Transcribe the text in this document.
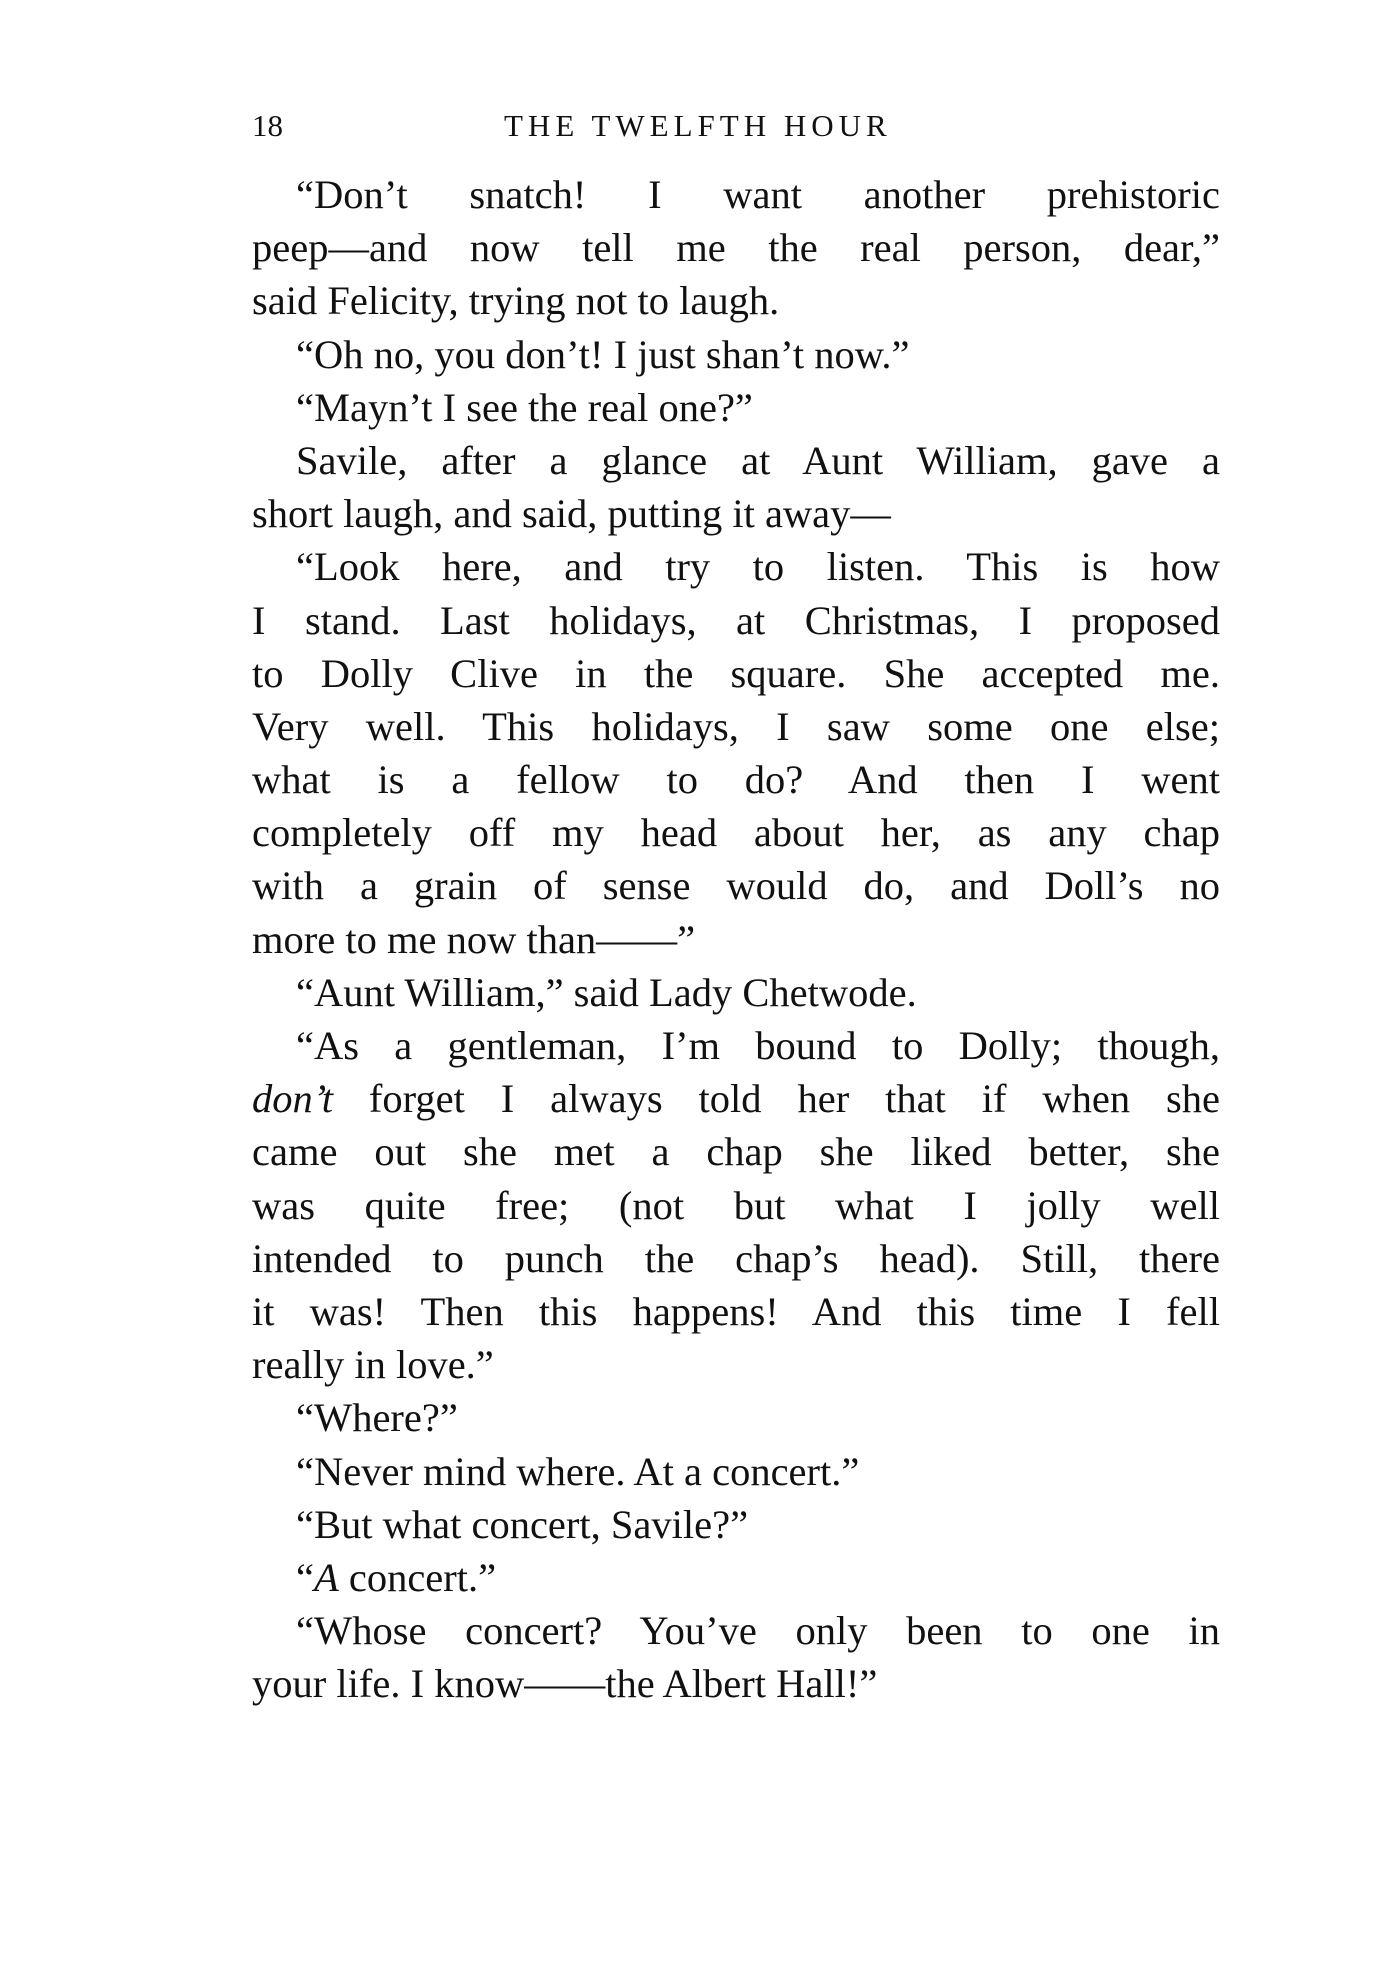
18	THE TWELFTH HOUR
“Don’t snatch! I want another prehistoric
peep—and now tell me the real person, dear,”
said Felicity, trying not to laugh.
“Oh no, you don’t! I just shan’t now.”
“Mayn’t I see the real one?”
Savile, after a glance at Aunt William, gave a
short laugh, and said, putting it away—
“Look here, and try to listen. This is how
I stand. Last holidays, at Christmas, I proposed
to Dolly Clive in the square. She accepted me.
Very well. This holidays, I saw some one else;
what is a fellow to do? And then I went
completely off my head about her, as any chap
with a grain of sense would do, and Doll’s no
more to me now than——”
“Aunt William,” said Lady Chetwode.
“As a gentleman, I’m bound to Dolly; though,
don’t forget I always told her that if when she
came out she met a chap she liked better, she
was quite free; (not but what I jolly well
intended to punch the chap’s head). Still, there
it was! Then this happens! And this time I fell
really in love.”
“Where?”
“Never mind where. At a concert.”
“But what concert, Savile?”
“A concert.”
“Whose concert? You’ve only been to one in
your life. I know——the Albert Hall!”
